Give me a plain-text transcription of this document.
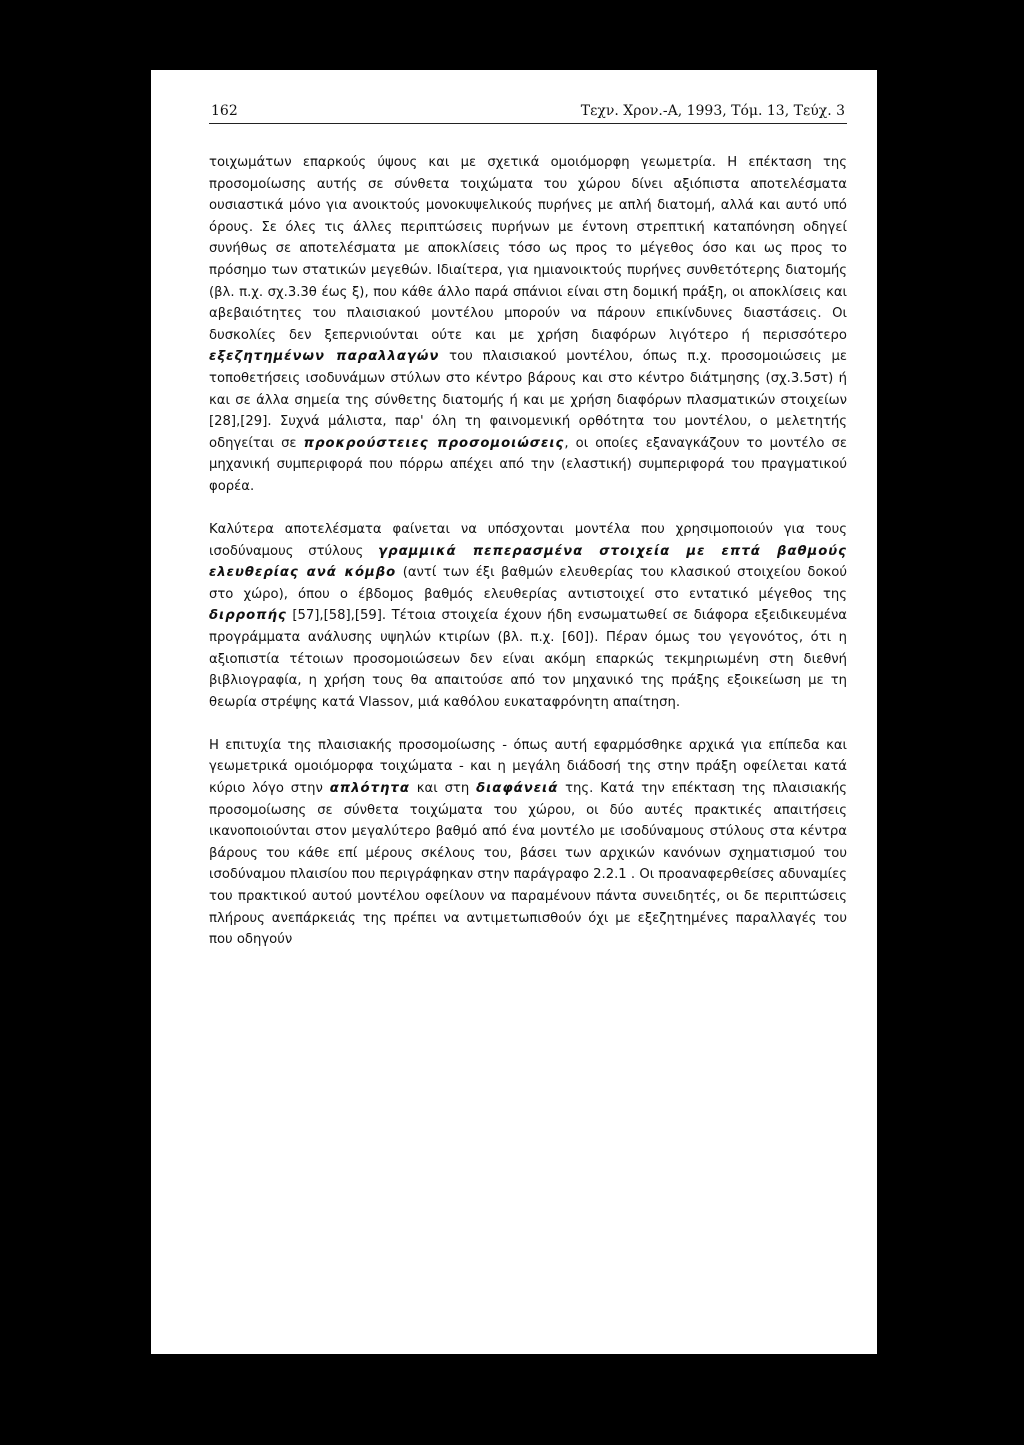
162	Τεχν. Χρον.-Α, 1993, Τόμ. 13, Τεύχ. 3

τοιχωμάτων επαρκούς ύψους και με σχετικά ομοιόμορφη γεωμετρία. Η επέκταση της προσομοίωσης αυτής σε σύνθετα τοιχώματα του χώρου δίνει αξιόπιστα αποτελέσματα ουσιαστικά μόνο για ανοικτούς μονοκυψελικούς πυρήνες με απλή διατομή, αλλά και αυτό υπό όρους. Σε όλες τις άλλες περιπτώσεις πυρήνων με έντονη στρεπτική καταπόνηση οδηγεί συνήθως σε αποτελέσματα με αποκλίσεις τόσο ως προς το μέγεθος όσο και ως προς το πρόσημο των στατικών μεγεθών. Ιδιαίτερα, για ημιανοικτούς πυρήνες συνθετότερης διατομής (βλ. π.χ. σχ.3.3θ έως ξ), που κάθε άλλο παρά σπάνιοι είναι στη δομική πράξη, οι αποκλίσεις και αβεβαιότητες του πλαισιακού μοντέλου μπορούν να πάρουν επικίνδυνες διαστάσεις. Οι δυσκολίες δεν ξεπερνιούνται ούτε και με χρήση διαφόρων λιγότερο ή περισσότερο εξεζητημένων παραλλαγών του πλαισιακού μοντέλου, όπως π.χ. προσομοιώσεις με τοποθετήσεις ισοδυνάμων στύλων στο κέντρο βάρους και στο κέντρο διάτμησης (σχ.3.5στ) ή και σε άλλα σημεία της σύνθετης διατομής ή και με χρήση διαφόρων πλασματικών στοιχείων [28],[29]. Συχνά μάλιστα, παρ' όλη τη φαινομενική ορθότητα του μοντέλου, ο μελετητής οδηγείται σε προκρούστειες προσομοιώσεις, οι οποίες εξαναγκάζουν το μοντέλο σε μηχανική συμπεριφορά που πόρρω απέχει από την (ελαστική) συμπεριφορά του πραγματικού φορέα.

Καλύτερα αποτελέσματα φαίνεται να υπόσχονται μοντέλα που χρησιμοποιούν για τους ισοδύναμους στύλους γραμμικά πεπερασμένα στοιχεία με επτά βαθμούς ελευθερίας ανά κόμβο (αντί των έξι βαθμών ελευθερίας του κλασικού στοιχείου δοκού στο χώρο), όπου ο έβδομος βαθμός ελευθερίας αντιστοιχεί στο εντατικό μέγεθος της διρροπής [57],[58],[59]. Τέτοια στοιχεία έχουν ήδη ενσωματωθεί σε διάφορα εξειδικευμένα προγράμματα ανάλυσης υψηλών κτιρίων (βλ. π.χ. [60]). Πέραν όμως του γεγονότος, ότι η αξιοπιστία τέτοιων προσομοιώσεων δεν είναι ακόμη επαρκώς τεκμηριωμένη στη διεθνή βιβλιογραφία, η χρήση τους θα απαιτούσε από τον μηχανικό της πράξης εξοικείωση με τη θεωρία στρέψης κατά Vlassov, μιά καθόλου ευκαταφρόνητη απαίτηση.

Η επιτυχία της πλαισιακής προσομοίωσης - όπως αυτή εφαρμόσθηκε αρχικά για επίπεδα και γεωμετρικά ομοιόμορφα τοιχώματα - και η μεγάλη διάδοσή της στην πράξη οφείλεται κατά κύριο λόγο στην απλότητα και στη διαφάνειά της. Κατά την επέκταση της πλαισιακής προσομοίωσης σε σύνθετα τοιχώματα του χώρου, οι δύο αυτές πρακτικές απαιτήσεις ικανοποιούνται στον μεγαλύτερο βαθμό από ένα μοντέλο με ισοδύναμους στύλους στα κέντρα βάρους του κάθε επί μέρους σκέλους του, βάσει των αρχικών κανόνων σχηματισμού του ισοδύναμου πλαισίου που περιγράφηκαν στην παράγραφο 2.2.1 . Οι προαναφερθείσες αδυναμίες του πρακτικού αυτού μοντέλου οφείλουν να παραμένουν πάντα συνειδητές, οι δε περιπτώσεις πλήρους ανεπάρκειάς της πρέπει να αντιμετωπισθούν όχι με εξεζητημένες παραλλαγές του που οδηγούν
